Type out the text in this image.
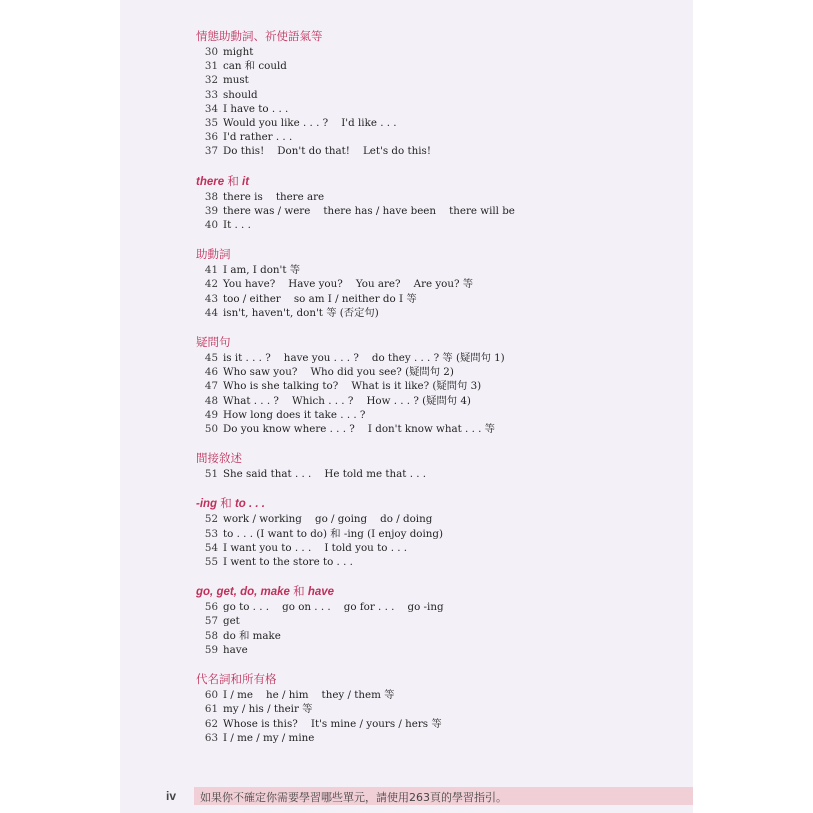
情態助動詞、祈使語氣等
30 might
31 can 和 could
32 must
33 should
34 I have to . . .
35 Would you like . . . ?    I'd like . . .
36 I'd rather . . .
37 Do this!    Don't do that!    Let's do this!
there 和 it
38 there is    there are
39 there was / were    there has / have been    there will be
40 It . . .
助動詞
41 I am, I don't 等
42 You have?    Have you?    You are?    Are you? 等
43 too / either    so am I / neither do I 等
44 isn't, haven't, don't 等 (否定句)
疑問句
45 is it . . . ?    have you . . . ?    do they . . . ? 等 (疑問句 1)
46 Who saw you?    Who did you see? (疑問句 2)
47 Who is she talking to?    What is it like? (疑問句 3)
48 What . . . ?    Which . . . ?    How . . . ? (疑問句 4)
49 How long does it take . . . ?
50 Do you know where . . . ?    I don't know what . . . 等
間接敘述
51 She said that . . .    He told me that . . .
-ing 和 to . . .
52 work / working    go / going    do / doing
53 to . . . (I want to do) 和 -ing (I enjoy doing)
54 I want you to . . .    I told you to . . .
55 I went to the store to . . .
go, get, do, make 和 have
56 go to . . .    go on . . .    go for . . .    go -ing
57 get
58 do 和 make
59 have
代名詞和所有格
60 I / me    he / him    they / them 等
61 my / his / their 等
62 Whose is this?    It's mine / yours / hers 等
63 I / me / my / mine
iv 如果你不確定你需要學習哪些單元，請使用263頁的學習指引。
